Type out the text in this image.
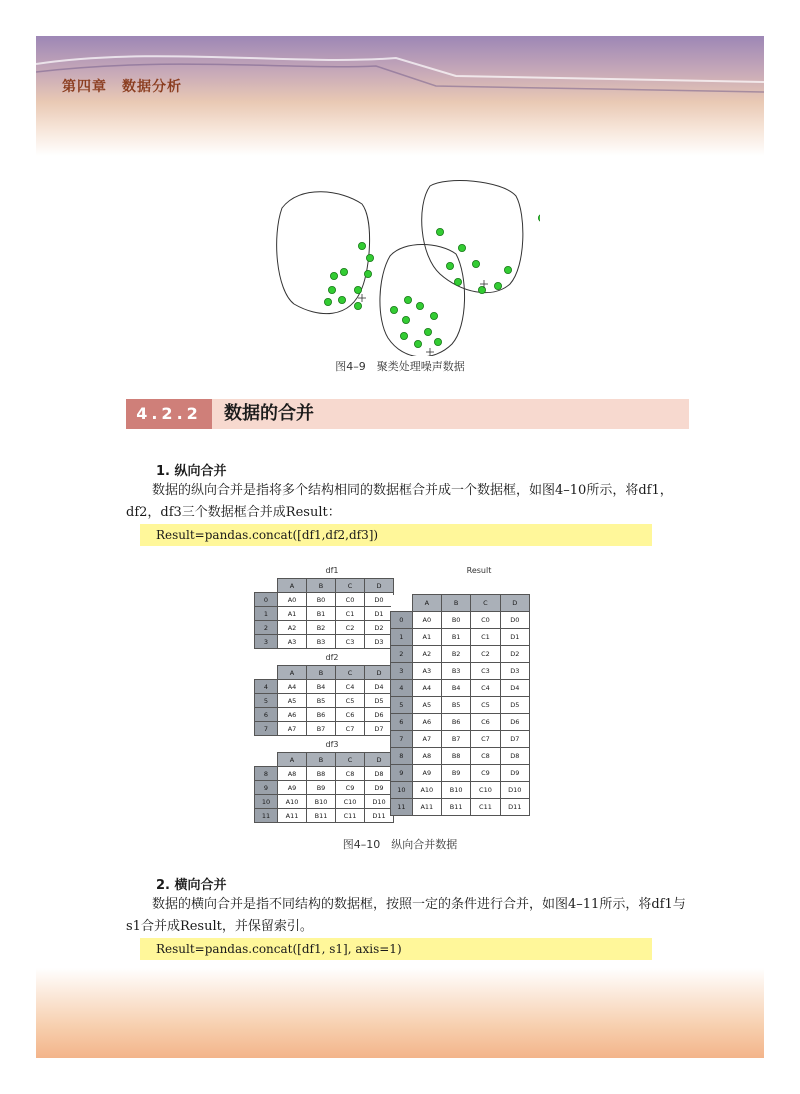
第四章　数据分析
图4–9　聚类处理噪声数据
4.2.2	数据的合并
1. 纵向合并
数据的纵向合并是指将多个结构相同的数据框合并成一个数据框，如图4–10所示，将df1，df2，df3三个数据框合并成Result：
Result=pandas.concat([df1,df2,df3])
df1
	A	B	C	D
0	A0	B0	C0	D0
1	A1	B1	C1	D1
2	A2	B2	C2	D2
3	A3	B3	C3	D3
df2
	A	B	C	D
4	A4	B4	C4	D4
5	A5	B5	C5	D5
6	A6	B6	C6	D6
7	A7	B7	C7	D7
df3
	A	B	C	D
8	A8	B8	C8	D8
9	A9	B9	C9	D9
10	A10	B10	C10	D10
11	A11	B11	C11	D11
Result
	A	B	C	D
0	A0	B0	C0	D0
1	A1	B1	C1	D1
2	A2	B2	C2	D2
3	A3	B3	C3	D3
4	A4	B4	C4	D4
5	A5	B5	C5	D5
6	A6	B6	C6	D6
7	A7	B7	C7	D7
8	A8	B8	C8	D8
9	A9	B9	C9	D9
10	A10	B10	C10	D10
11	A11	B11	C11	D11
图4–10　纵向合并数据
2. 横向合并
数据的横向合并是指不同结构的数据框，按照一定的条件进行合并，如图4–11所示，将df1与s1合并成Result，并保留索引。
Result=pandas.concat([df1, s1], axis=1)
